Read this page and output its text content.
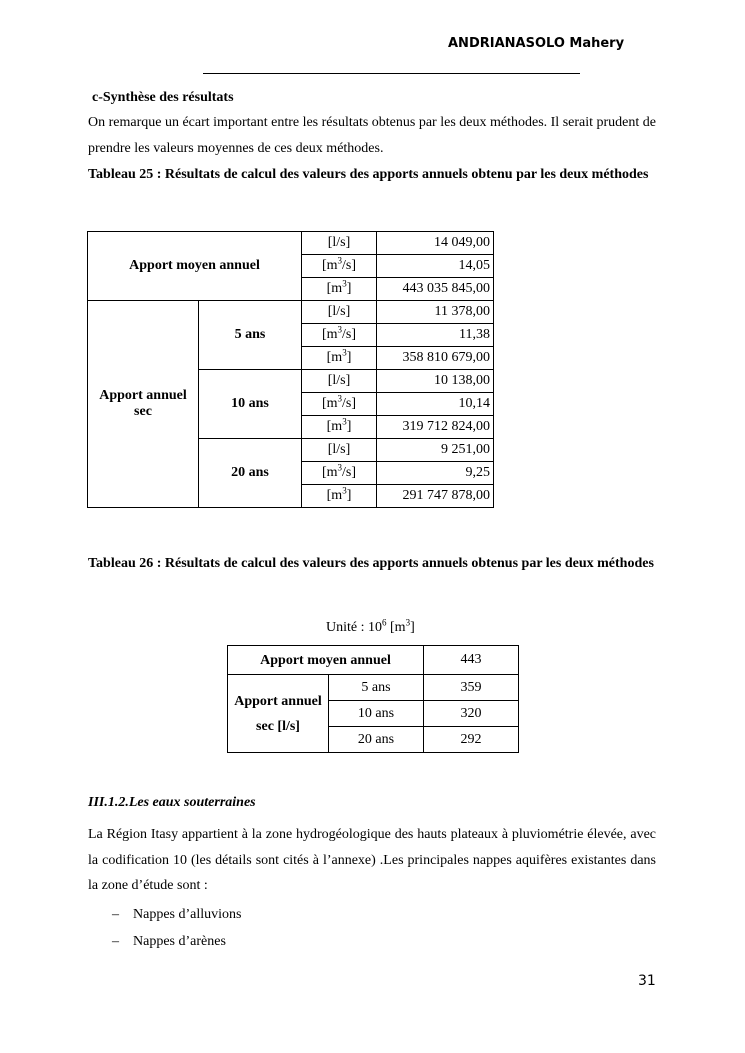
ANDRIANASOLO Mahery
c-Synthèse des résultats
On remarque un écart important entre les résultats obtenus par les deux méthodes. Il serait prudent de prendre les valeurs moyennes de ces deux méthodes.
Tableau 25 : Résultats de calcul des valeurs des apports annuels obtenu par les deux méthodes
Apport moyen annuel		[l/s]	14 049,00
		$[m^3/s]$	14,05
		$[m^3]$	443 035 845,00
Apport annuel sec	5 ans	[l/s]	11 378,00
		$[m^3/s]$	11,38
		$[m^3]$	358 810 679,00
	10 ans	[l/s]	10 138,00
		$[m^3/s]$	10,14
		$[m^3]$	319 712 824,00
	20 ans	[l/s]	9 251,00
		$[m^3/s]$	9,25
		$[m^3]$	291 747 878,00
Tableau 26 : Résultats de calcul des valeurs des apports annuels obtenus par les deux méthodes
Unité : $10^6$ $[m^3]$
Apport moyen annuel		443

Apport annuel
sec [l/s]	5 ans	359
	10 ans	320
	20 ans	292
III.1.2.Les eaux souterraines
La Région Itasy appartient à la zone hydrogéologique des hauts plateaux à pluviométrie élevée, avec la codification 10 (les détails sont cités à l’annexe) .Les principales nappes aquifères existantes dans la zone d’étude sont :
– Nappes d’alluvions
– Nappes d’arènes
31
